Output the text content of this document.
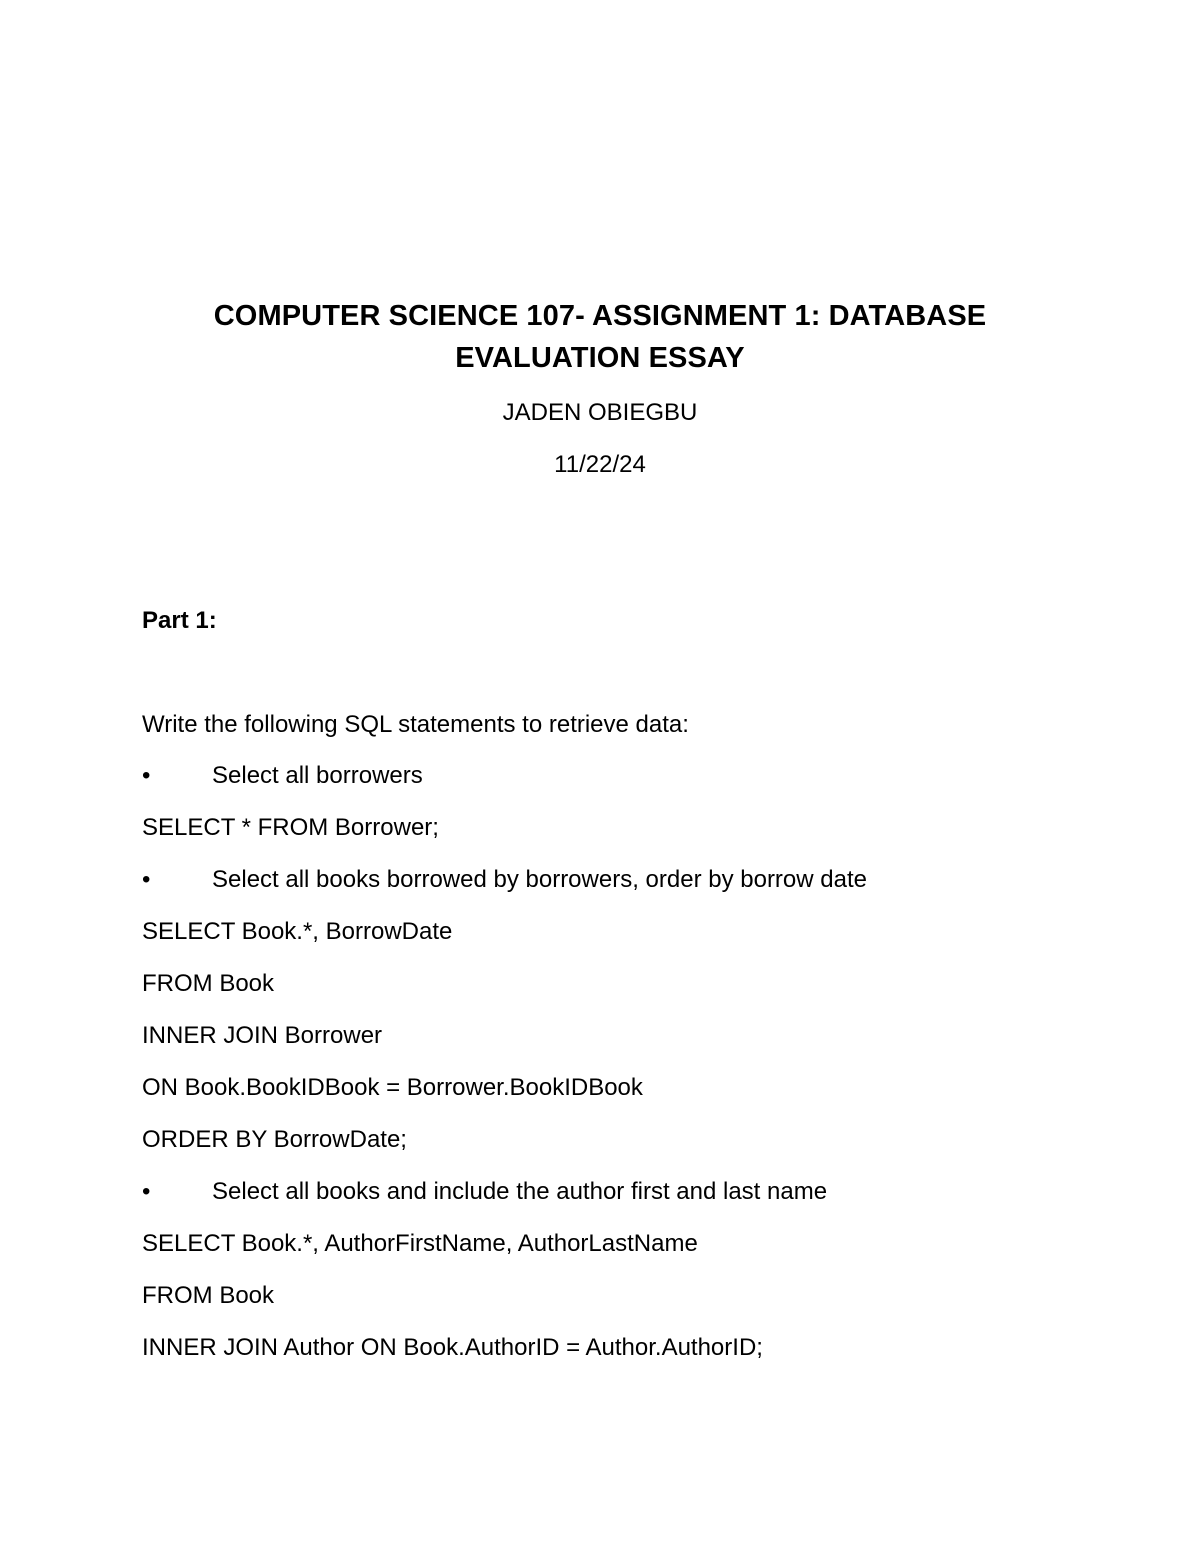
COMPUTER SCIENCE 107- ASSIGNMENT 1: DATABASE
EVALUATION ESSAY
JADEN OBIEGBU
11/22/24
Part 1:
Write the following SQL statements to retrieve data:

•

	Select all borrowers

SELECT * FROM Borrower;

•

	Select all books borrowed by borrowers, order by borrow date

SELECT Book.*, BorrowDate
FROM Book
INNER JOIN Borrower
ON Book.BookIDBook = Borrower.BookIDBook
ORDER BY BorrowDate;

•

	Select all books and include the author first and last name

SELECT Book.*, AuthorFirstName, AuthorLastName
FROM Book
INNER JOIN Author ON Book.AuthorID = Author.AuthorID;
